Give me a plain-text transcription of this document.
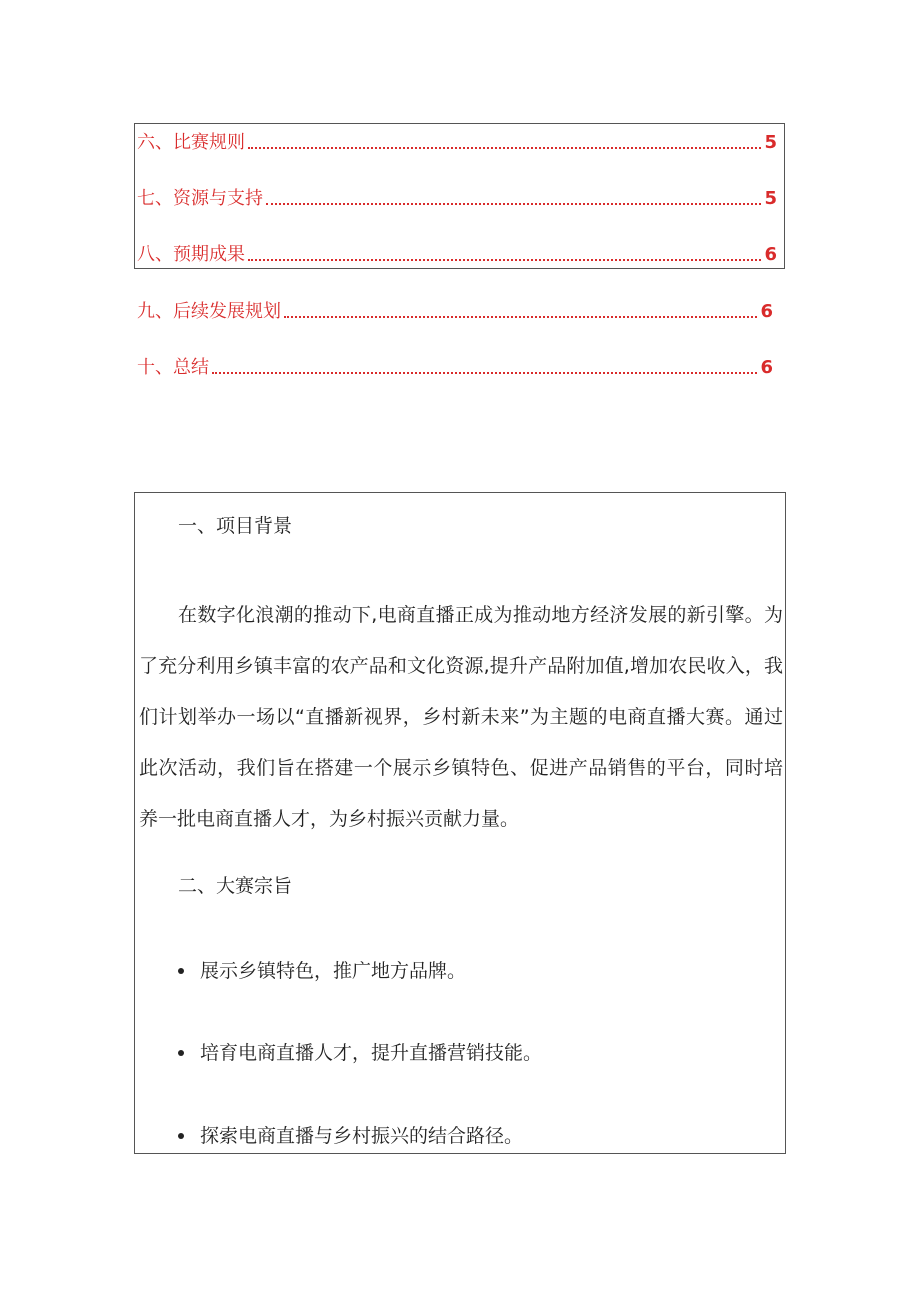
六、比赛规则	5
七、资源与支持	5
八、预期成果	6
九、后续发展规划	6
十、总结	6
一、项目背景

在数字化浪潮的推动下,电商直播正成为推动地方经济发展的新引擎。为了充分利用乡镇丰富的农产品和文化资源,提升产品附加值,增加农民收入，我们计划举办一场以“直播新视界，乡村新未来”为主题的电商直播大赛。通过此次活动，我们旨在搭建一个展示乡镇特色、促进产品销售的平台，同时培养一批电商直播人才，为乡村振兴贡献力量。

二、大赛宗旨
展示乡镇特色，推广地方品牌。
培育电商直播人才，提升直播营销技能。
探索电商直播与乡村振兴的结合路径。
